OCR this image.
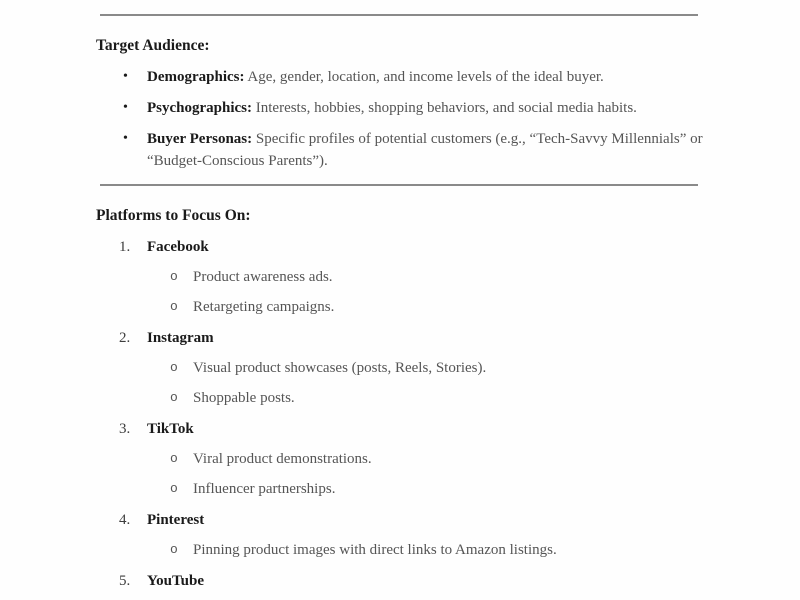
Target Audience:
•	Demographics: Age, gender, location, and income levels of the ideal buyer.
•	Psychographics: Interests, hobbies, shopping behaviors, and social media habits.
•	Buyer Personas: Specific profiles of potential customers (e.g., “Tech-Savvy Millennials” or “Budget-Conscious Parents”).
Platforms to Focus On:
1.	Facebook
o	Product awareness ads.
o	Retargeting campaigns.
2.	Instagram
o	Visual product showcases (posts, Reels, Stories).
o	Shoppable posts.
3.	TikTok
o	Viral product demonstrations.
o	Influencer partnerships.
4.	Pinterest
o	Pinning product images with direct links to Amazon listings.
5.	YouTube
